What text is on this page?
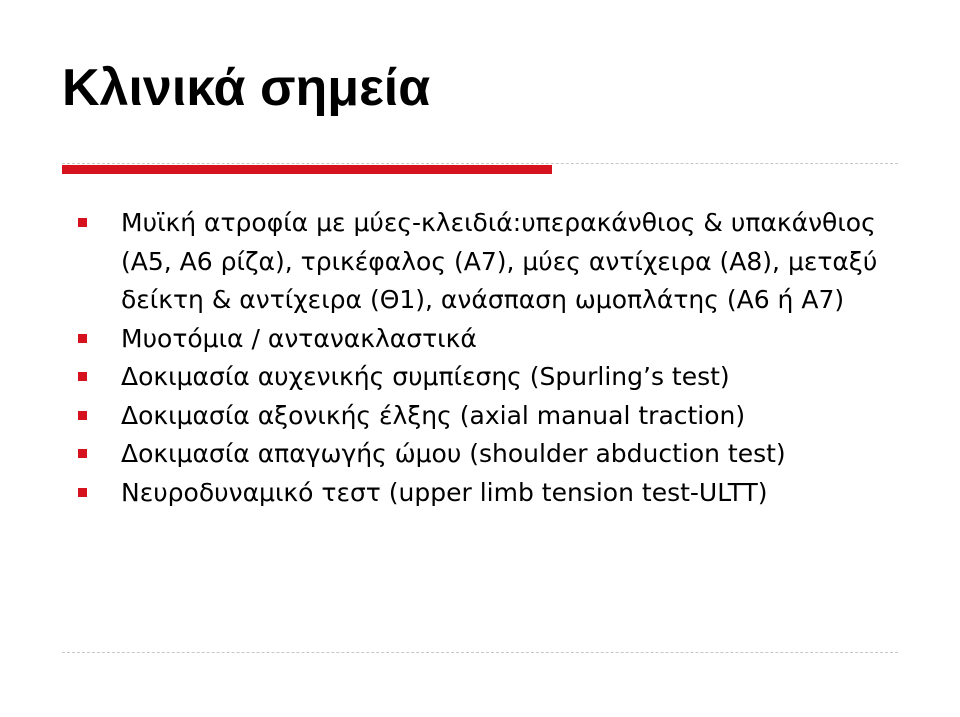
Κλινικά σημεία
Μυϊκή ατροφία με μύες-κλειδιά:υπερακάνθιος & υπακάνθιος (Α5, Α6 ρίζα), τρικέφαλος (Α7), μύες αντίχειρα (Α8), μεταξύ δείκτη & αντίχειρα (Θ1), ανάσπαση ωμοπλάτης (Α6 ή Α7)
Μυοτόμια / αντανακλαστικά
Δοκιμασία αυχενικής συμπίεσης (Spurling’s test)
Δοκιμασία αξονικής έλξης (axial manual traction)
Δοκιμασία απαγωγής ώμου (shoulder abduction test)
Νευροδυναμικό τεστ (upper limb tension test-ULTT)
